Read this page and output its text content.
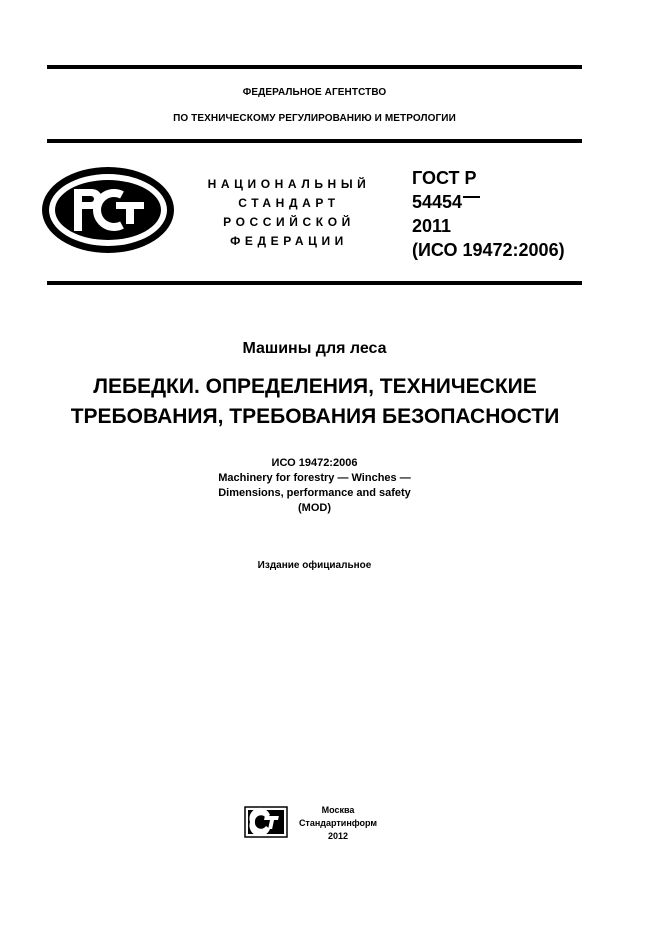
ФЕДЕРАЛЬНОЕ АГЕНТСТВО
ПО ТЕХНИЧЕСКОМУ РЕГУЛИРОВАНИЮ И МЕТРОЛОГИИ
НАЦИОНАЛЬНЫЙ
СТАНДАРТ
РОССИЙСКОЙ
ФЕДЕРАЦИИ
ГОСТ Р
54454
2011
(ИСО 19472:2006)
Машины для леса
ЛЕБЕДКИ. ОПРЕДЕЛЕНИЯ, ТЕХНИЧЕСКИЕ
ТРЕБОВАНИЯ, ТРЕБОВАНИЯ БЕЗОПАСНОСТИ
ИСО 19472:2006
Machinery for forestry — Winches —
Dimensions, performance and safety
(MOD)
Издание официальное
Москва
Стандартинформ
2012
